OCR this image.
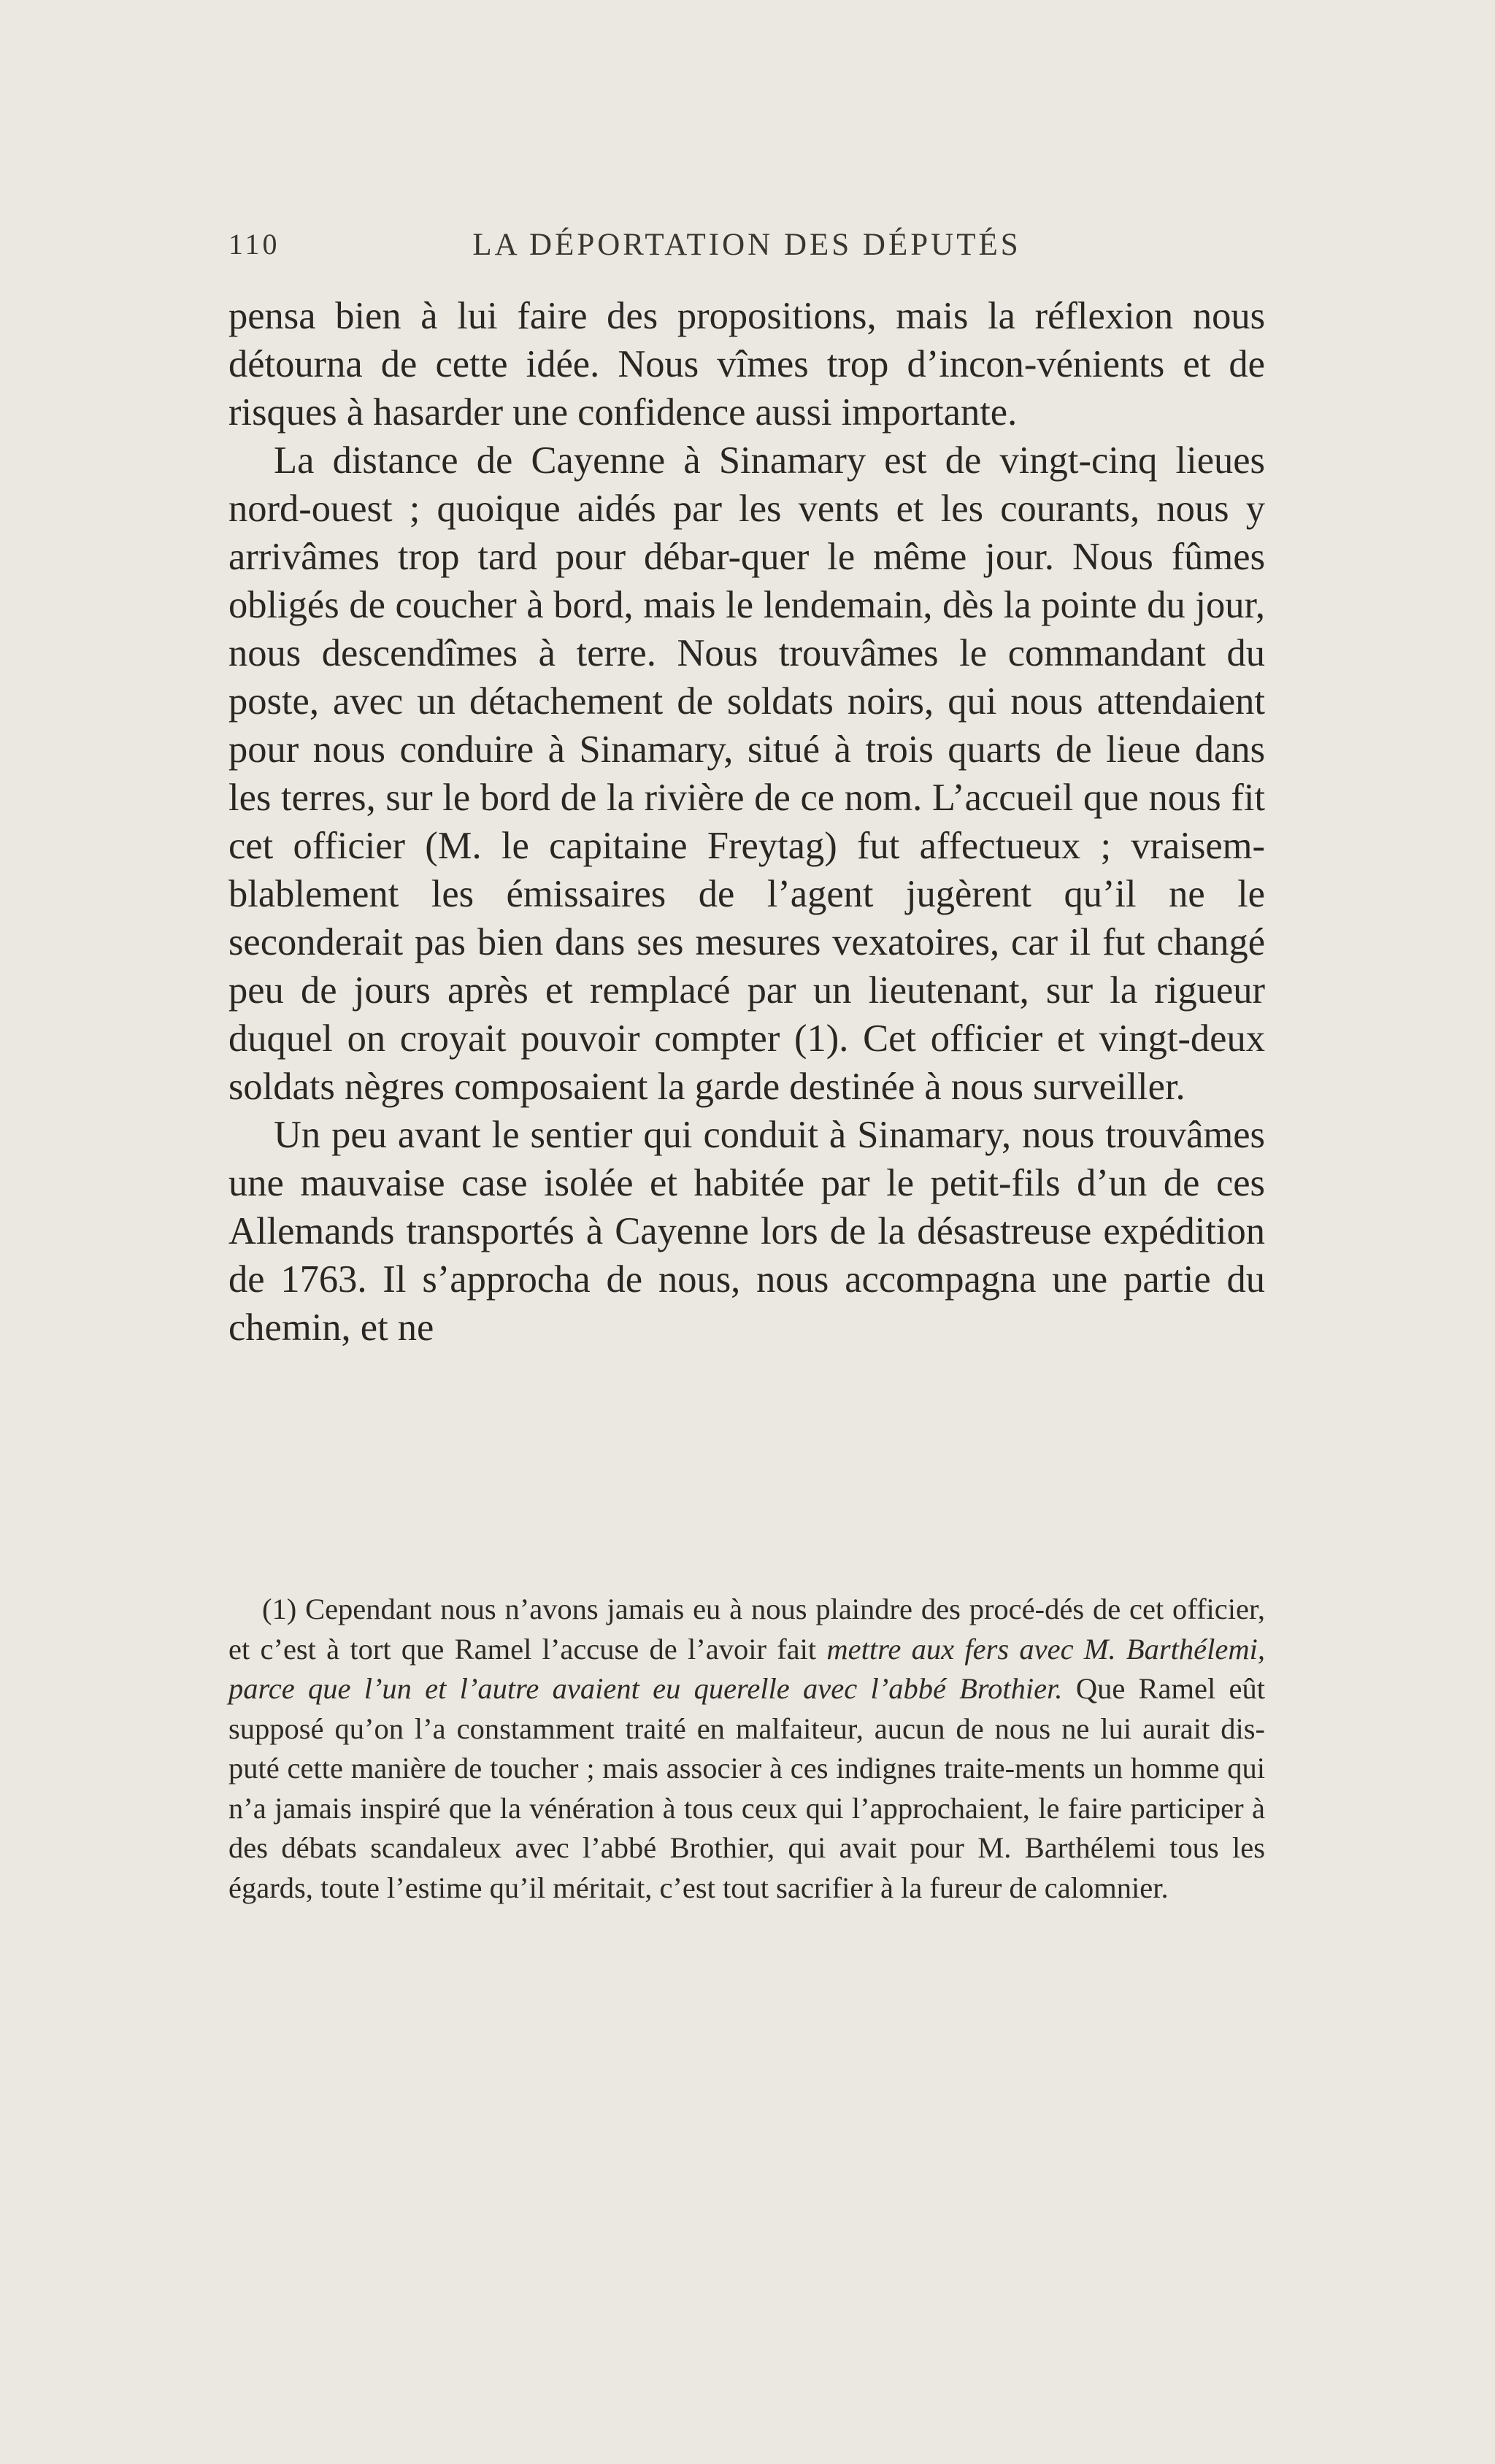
110	LA DÉPORTATION DES DÉPUTÉS

pensa bien à lui faire des propositions, mais la réflexion nous détourna de cette idée. Nous vîmes trop d’incon-vénients et de risques à hasarder une confidence aussi importante.

La distance de Cayenne à Sinamary est de vingt-cinq lieues nord-ouest ; quoique aidés par les vents et les courants, nous y arrivâmes trop tard pour débar-quer le même jour. Nous fûmes obligés de coucher à bord, mais le lendemain, dès la pointe du jour, nous descendîmes à terre. Nous trouvâmes le commandant du poste, avec un détachement de soldats noirs, qui nous attendaient pour nous conduire à Sinamary, situé à trois quarts de lieue dans les terres, sur le bord de la rivière de ce nom. L’accueil que nous fit cet officier (M. le capitaine Freytag) fut affectueux ; vraisem-blablement les émissaires de l’agent jugèrent qu’il ne le seconderait pas bien dans ses mesures vexatoires, car il fut changé peu de jours après et remplacé par un lieutenant, sur la rigueur duquel on croyait pouvoir compter (1). Cet officier et vingt-deux soldats nègres composaient la garde destinée à nous surveiller.

Un peu avant le sentier qui conduit à Sinamary, nous trouvâmes une mauvaise case isolée et habitée par le petit-fils d’un de ces Allemands transportés à Cayenne lors de la désastreuse expédition de 1763. Il s’approcha de nous, nous accompagna une partie du chemin, et ne

(1) Cependant nous n’avons jamais eu à nous plaindre des procé-dés de cet officier, et c’est à tort que Ramel l’accuse de l’avoir fait mettre aux fers avec M. Barthélemi, parce que l’un et l’autre avaient eu querelle avec l’abbé Brothier. Que Ramel eût supposé qu’on l’a constamment traité en malfaiteur, aucun de nous ne lui aurait dis-puté cette manière de toucher ; mais associer à ces indignes traite-ments un homme qui n’a jamais inspiré que la vénération à tous ceux qui l’approchaient, le faire participer à des débats scandaleux avec l’abbé Brothier, qui avait pour M. Barthélemi tous les égards, toute l’estime qu’il méritait, c’est tout sacrifier à la fureur de calomnier.
